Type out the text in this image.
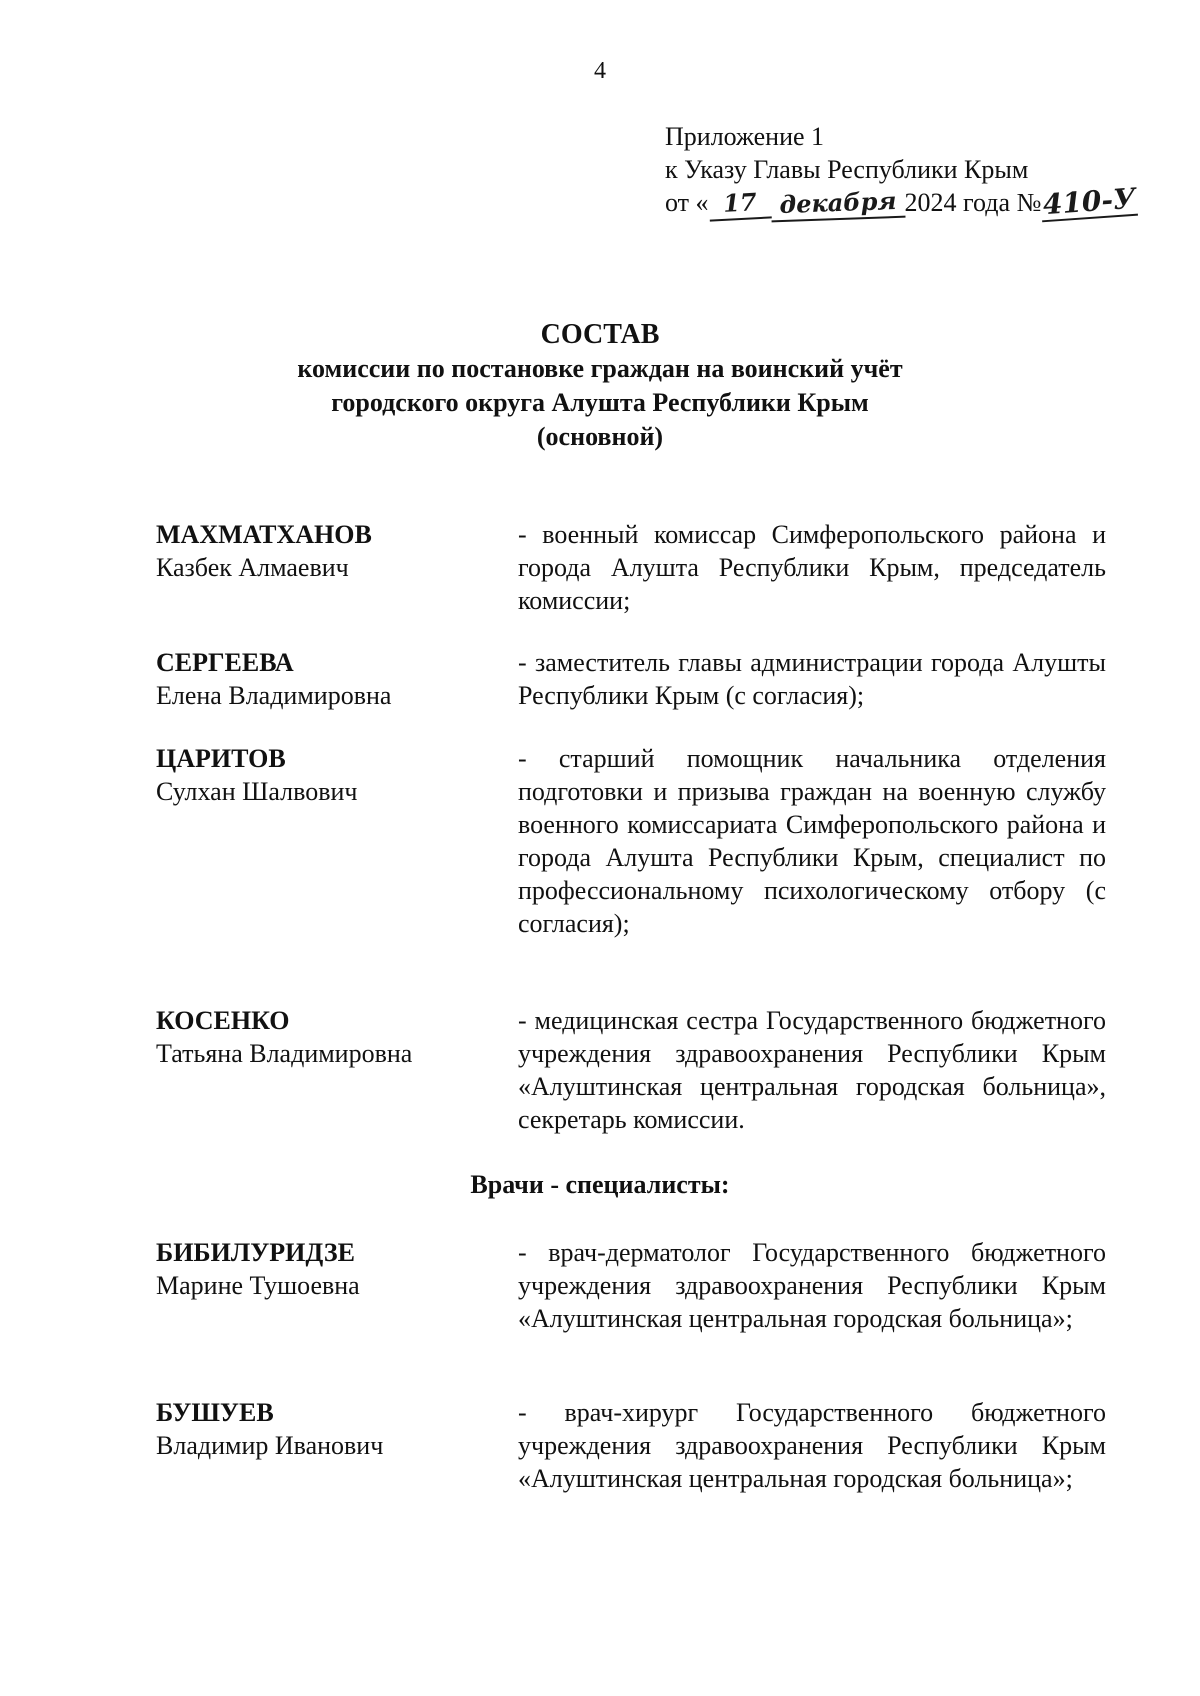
4
Приложение 1
к Указу Главы Республики Крым
от « 17 декабря 2024 года №410-У
СОСТАВ
комиссии по постановке граждан на воинский учёт
городского округа Алушта Республики Крым
(основной)
МАХМАТХАНОВ
Казбек Алмаевич
- военный комиссар Симферопольского района и города Алушта Республики Крым, председатель комиссии;
СЕРГЕЕВА
Елена Владимировна
- заместитель главы администрации города Алушты Республики Крым (с согласия);
ЦАРИТОВ
Сулхан Шалвович
- старший помощник начальника отделения подготовки и призыва граждан на военную службу военного комиссариата Симферопольского района и города Алушта Республики Крым, специалист по профессиональному психологическому отбору (с согласия);
КОСЕНКО
Татьяна Владимировна
- медицинская сестра Государственного бюджетного учреждения здравоохранения Республики Крым «Алуштинская центральная городская больница», секретарь комиссии.
Врачи - специалисты:
БИБИЛУРИДЗЕ
Марине Тушоевна
- врач-дерматолог Государственного бюджетного учреждения здравоохранения Республики Крым «Алуштинская центральная городская больница»;
БУШУЕВ
Владимир Иванович
- врач-хирург Государственного бюджетного учреждения здравоохранения Республики Крым «Алуштинская центральная городская больница»;
